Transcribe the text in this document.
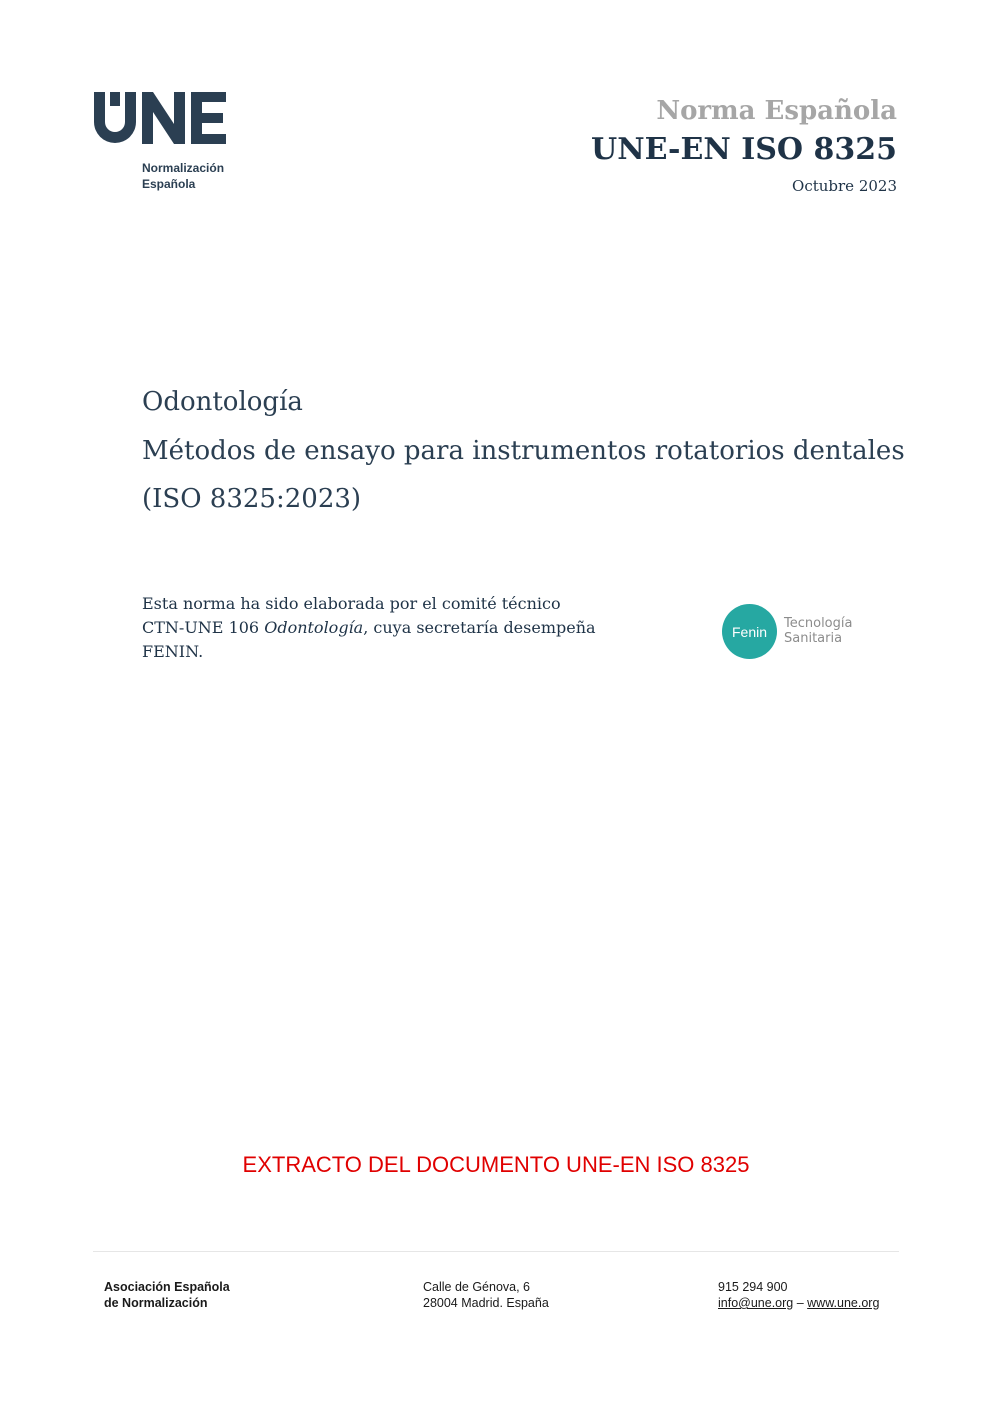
Normalización
Española
Norma Española
UNE-EN ISO 8325
Octubre 2023
Odontología
Métodos de ensayo para instrumentos rotatorios dentales
(ISO 8325:2023)
Esta norma ha sido elaborada por el comité técnico
CTN-UNE 106 Odontología, cuya secretaría desempeña
FENIN.
Fenin Tecnología
Sanitaria
EXTRACTO DEL DOCUMENTO UNE-EN ISO 8325
Asociación Española
de Normalización
Calle de Génova, 6
28004 Madrid. España
915 294 900
info@une.org – www.une.org
